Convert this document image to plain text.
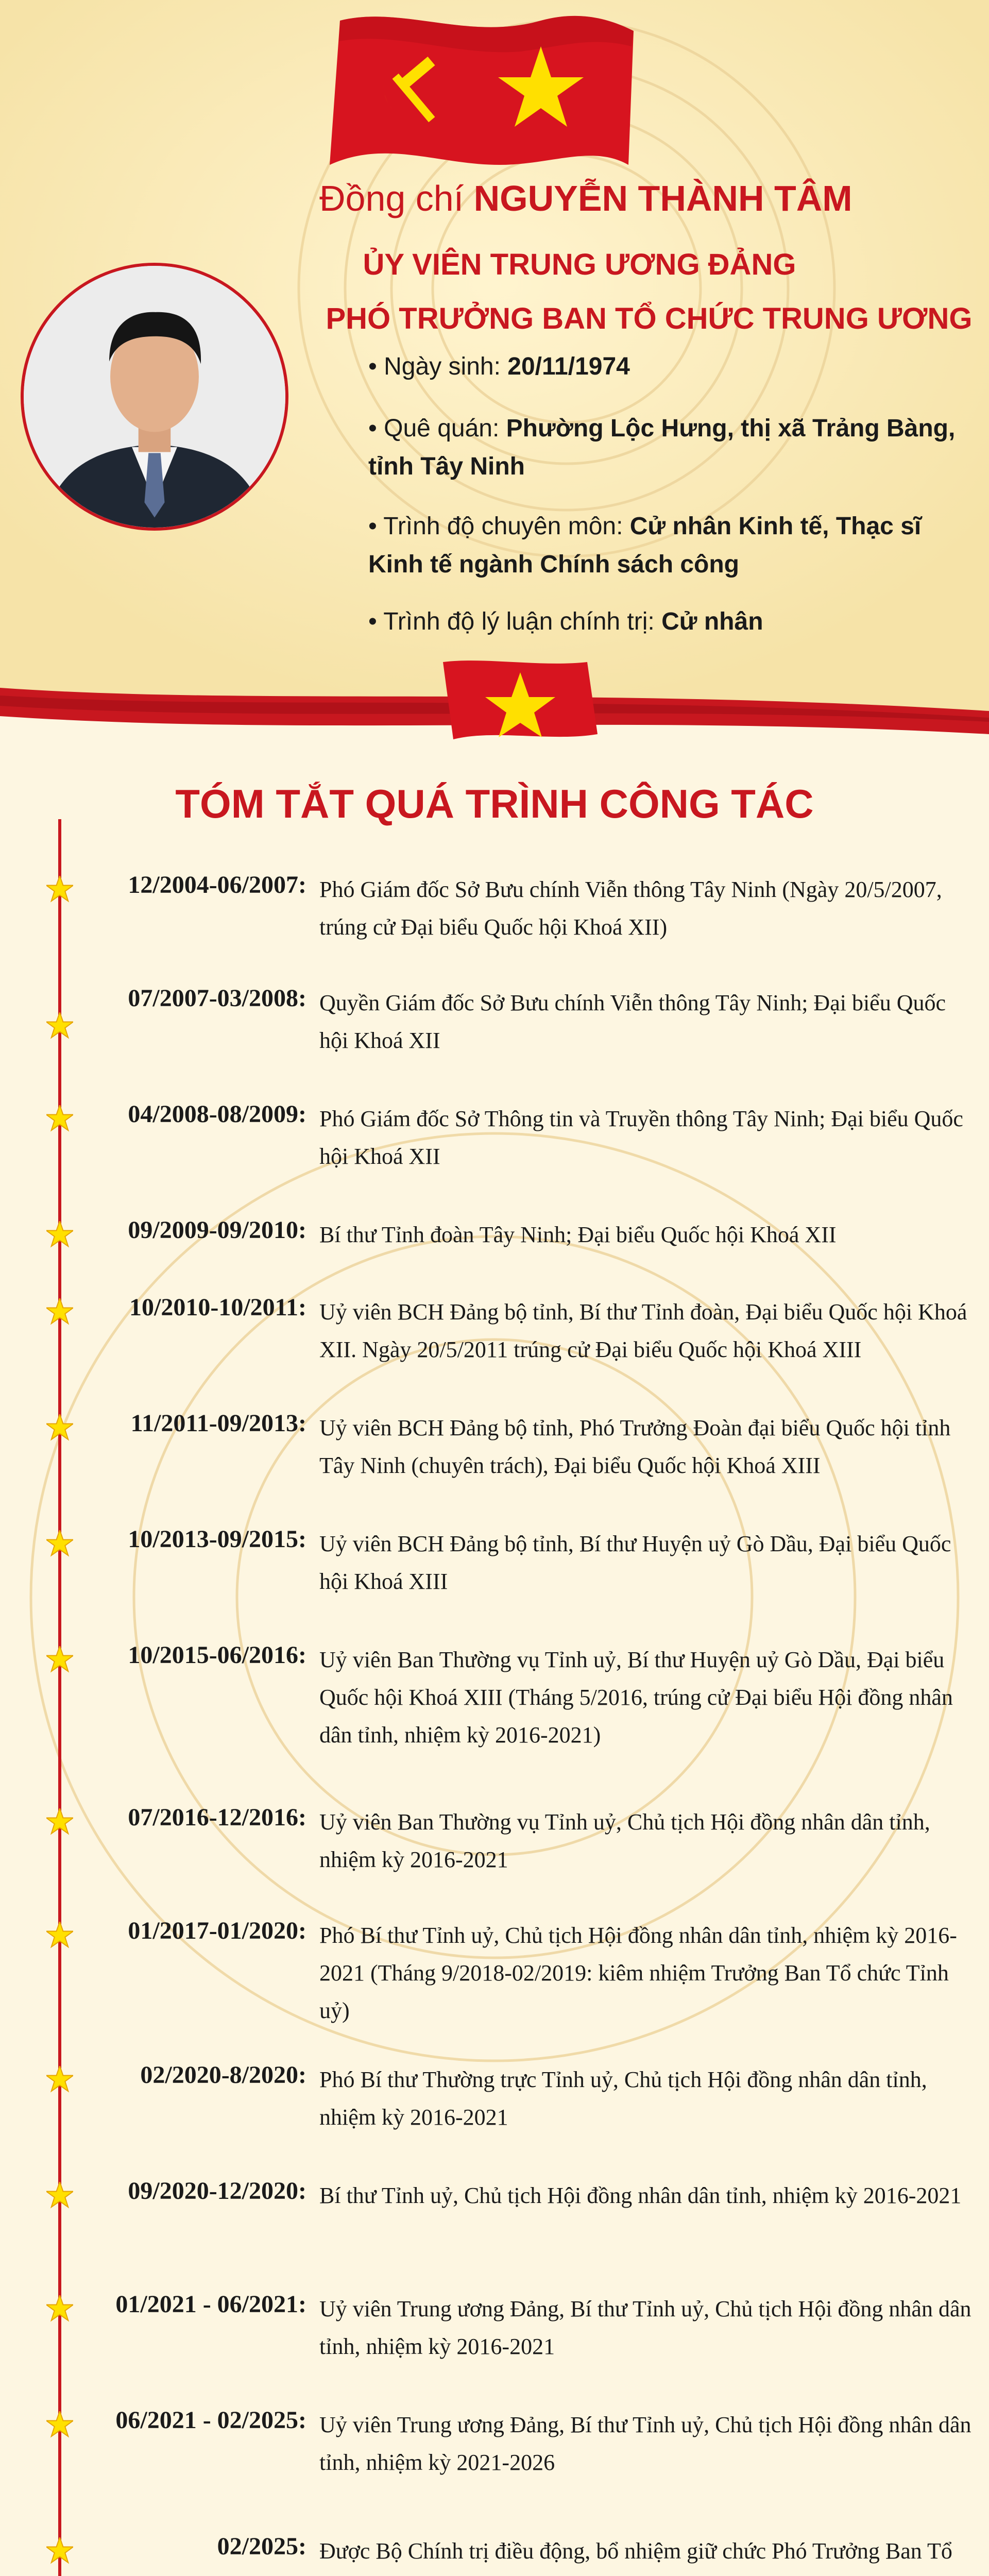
Đồng chí NGUYỄN THÀNH TÂM
ỦY VIÊN TRUNG ƯƠNG ĐẢNG
PHÓ TRƯỞNG BAN TỔ CHỨC TRUNG ƯƠNG
• Ngày sinh: 20/11/1974
• Quê quán: Phường Lộc Hưng, thị xã Trảng Bàng, tỉnh Tây Ninh
• Trình độ chuyên môn: Cử nhân Kinh tế, Thạc sĩ Kinh tế ngành Chính sách công
• Trình độ lý luận chính trị: Cử nhân
TÓM TẮT QUÁ TRÌNH CÔNG TÁC
12/2004-06/2007: Phó Giám đốc Sở Bưu chính Viễn thông Tây Ninh (Ngày 20/5/2007, trúng cử Đại biểu Quốc hội Khoá XII)
07/2007-03/2008: Quyền Giám đốc Sở Bưu chính Viễn thông Tây Ninh; Đại biểu Quốc hội Khoá XII
04/2008-08/2009: Phó Giám đốc Sở Thông tin và Truyền thông Tây Ninh; Đại biểu Quốc hội Khoá XII
09/2009-09/2010: Bí thư Tỉnh đoàn Tây Ninh; Đại biểu Quốc hội Khoá XII
10/2010-10/2011: Uỷ viên BCH Đảng bộ tỉnh, Bí thư Tỉnh đoàn, Đại biểu Quốc hội Khoá XII. Ngày 20/5/2011 trúng cử Đại biểu Quốc hội Khoá XIII
11/2011-09/2013: Uỷ viên BCH Đảng bộ tỉnh, Phó Trưởng Đoàn đại biểu Quốc hội tỉnh Tây Ninh (chuyên trách), Đại biểu Quốc hội Khoá XIII
10/2013-09/2015: Uỷ viên BCH Đảng bộ tỉnh, Bí thư Huyện uỷ Gò Dầu, Đại biểu Quốc hội Khoá XIII
10/2015-06/2016: Uỷ viên Ban Thường vụ Tỉnh uỷ, Bí thư Huyện uỷ Gò Dầu, Đại biểu Quốc hội Khoá XIII (Tháng 5/2016, trúng cử Đại biểu Hội đồng nhân dân tỉnh, nhiệm kỳ 2016-2021)
07/2016-12/2016: Uỷ viên Ban Thường vụ Tỉnh uỷ, Chủ tịch Hội đồng nhân dân tỉnh, nhiệm kỳ 2016-2021
01/2017-01/2020: Phó Bí thư Tỉnh uỷ, Chủ tịch Hội đồng nhân dân tỉnh, nhiệm kỳ 2016-2021 (Tháng 9/2018-02/2019: kiêm nhiệm Trưởng Ban Tổ chức Tỉnh uỷ)
02/2020-8/2020: Phó Bí thư Thường trực Tỉnh uỷ, Chủ tịch Hội đồng nhân dân tỉnh, nhiệm kỳ 2016-2021
09/2020-12/2020: Bí thư Tỉnh uỷ, Chủ tịch Hội đồng nhân dân tỉnh, nhiệm kỳ 2016-2021
01/2021 - 06/2021: Uỷ viên Trung ương Đảng, Bí thư Tỉnh uỷ, Chủ tịch Hội đồng nhân dân tỉnh, nhiệm kỳ 2016-2021
06/2021 - 02/2025: Uỷ viên Trung ương Đảng, Bí thư Tỉnh uỷ, Chủ tịch Hội đồng nhân dân tỉnh, nhiệm kỳ 2021-2026
02/2025: Được Bộ Chính trị điều động, bổ nhiệm giữ chức Phó Trưởng Ban Tổ
